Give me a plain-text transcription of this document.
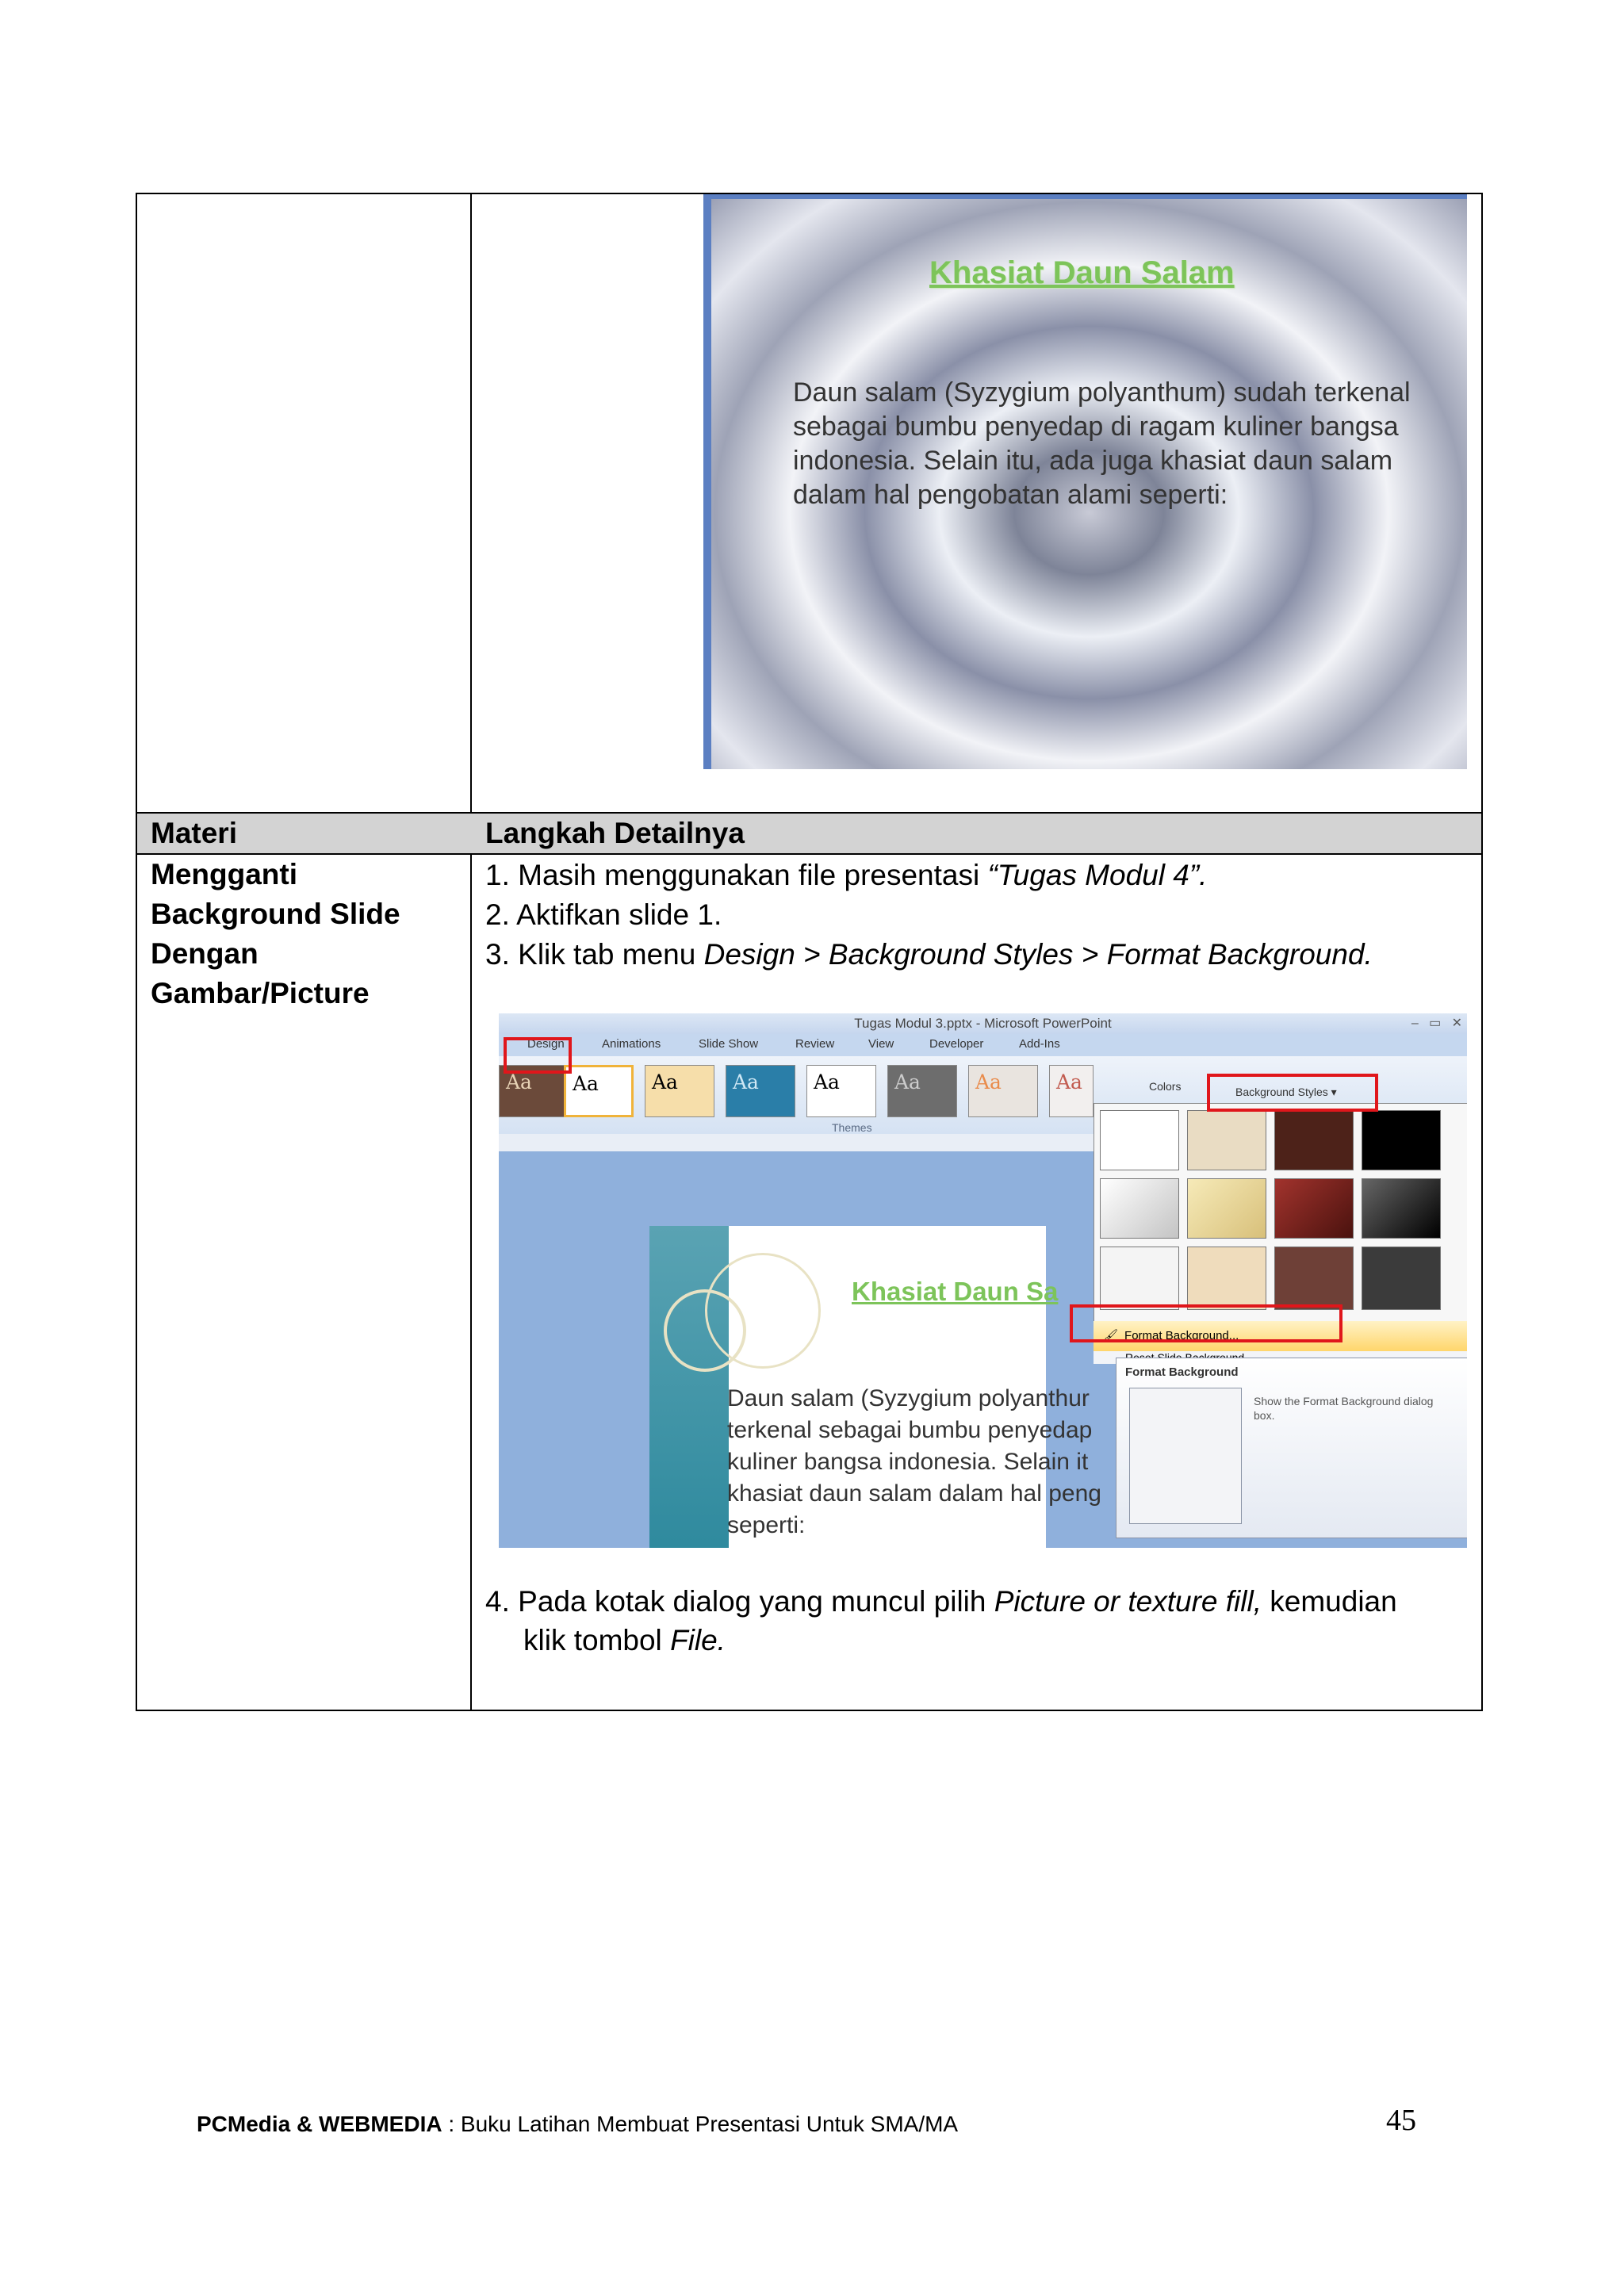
Khasiat Daun Salam
Daun salam (Syzygium polyanthum) sudah terkenal sebagai bumbu penyedap di ragam kuliner bangsa indonesia. Selain itu, ada juga khasiat daun salam dalam hal pengobatan alami seperti:
Materi	Langkah Detailnya
Mengganti
Background Slide
Dengan
Gambar/Picture
1. Masih menggunakan file presentasi “Tugas Modul 4”.
2. Aktifkan slide 1.
3. Klik tab menu Design > Background Styles > Format Background.
Tugas Modul 3.pptx - Microsoft PowerPoint	‒   ▭   ✕
Design	Animations	Slide Show	Review	View	Developer	Add-Ins
Aa	Aa	Aa	Aa	Aa	Aa	Aa	Aa
Themes
Colors	Background Styles ▾
Khasiat Daun Sa
Daun salam (Syzygium polyanthur terkenal sebagai bumbu penyedap kuliner bangsa indonesia. Selain it khasiat daun salam dalam hal peng seperti:
🖌 Format Background...
Format Background
Show the Format Background dialog box.
4. Pada kotak dialog yang muncul pilih Picture or texture fill, kemudian
klik tombol File.
PCMedia & WEBMEDIA : Buku Latihan Membuat Presentasi Untuk SMA/MA	45
